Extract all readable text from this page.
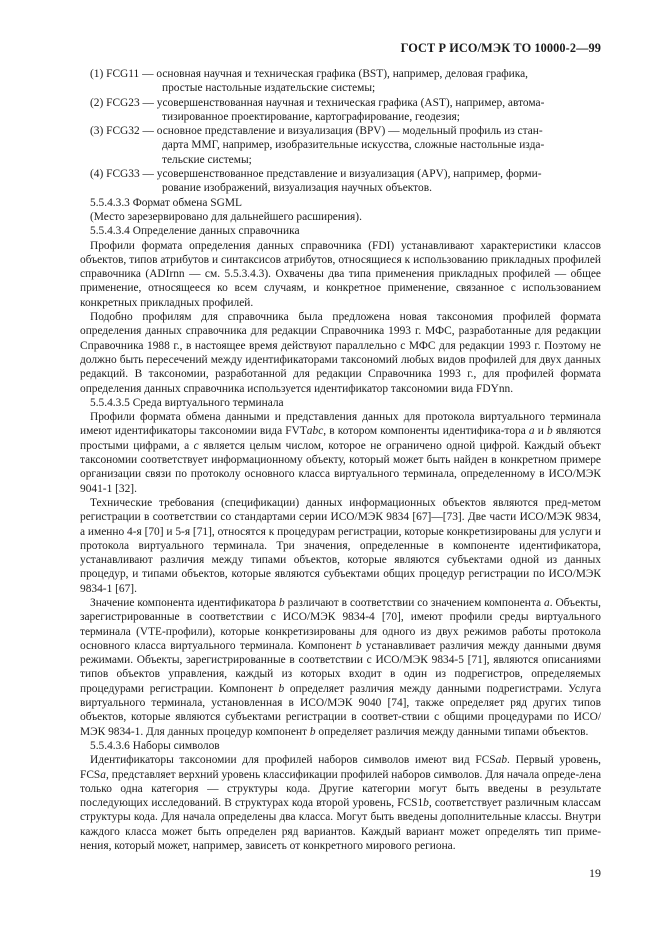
ГОСТ Р ИСО/МЭК ТО 10000-2—99
(1) FCG11 — основная научная и техническая графика (BST), например, деловая графика,
простые настольные издательские системы;
(2) FCG23 — усовершенствованная научная и техническая графика (AST), например, автома-
тизированное проектирование, картографирование, геодезия;
(3) FCG32 — основное представление и визуализация (BPV) — модельный профиль из стан-
дарта ММГ, например, изобразительные искусства, сложные настольные изда-
тельские системы;
(4) FCG33 — усовершенствованное представление и визуализация (APV), например, форми-
рование изображений, визуализация научных объектов.
5.5.4.3.3 Формат обмена SGML
(Место зарезервировано для дальнейшего расширения).
5.5.4.3.4 Определение данных справочника

Профили формата определения данных справочника (FDI) устанавливают характеристики классов объектов, типов атрибутов и синтаксисов атрибутов, относящиеся к использованию прикладных профилей справочника (ADIrnn — см. 5.5.3.4.3). Охвачены два типа применения прикладных профилей — общее применение, относящееся ко всем случаям, и конкретное применение, связанное с использованием конкретных прикладных профилей.

Подобно профилям для справочника была предложена новая таксономия профилей формата определения данных справочника для редакции Справочника 1993 г. МФС, разработанные для редакции Справочника 1988 г., в настоящее время действуют параллельно с МФС для редакции 1993 г. Поэтому не должно быть пересечений между идентификаторами таксономий любых видов профилей для двух данных редакций. В таксономии, разработанной для редакции Справочника 1993 г., для профилей формата определения данных справочника используется идентификатор таксономии вида FDYnn.

5.5.4.3.5 Среда виртуального терминала

Профили формата обмена данными и представления данных для протокола виртуального терминала имеют идентификаторы таксономии вида FVTabc, в котором компоненты идентифика-тора a и b являются простыми цифрами, а c является целым числом, которое не ограничено одной цифрой. Каждый объект таксономии соответствует информационному объекту, который может быть найден в конкретном примере организации связи по протоколу основного класса виртуального терминала, определенному в ИСО/МЭК 9041-1 [32].

Технические требования (спецификации) данных информационных объектов являются пред-метом регистрации в соответствии со стандартами серии ИСО/МЭК 9834 [67]—[73]. Две части ИСО/МЭК 9834, а именно 4-я [70] и 5-я [71], относятся к процедурам регистрации, которые конкретизированы для услуги и протокола виртуального терминала. Три значения, определенные в компоненте идентификатора, устанавливают различия между типами объектов, которые являются субъектами одной из данных процедур, и типами объектов, которые являются субъектами общих процедур регистрации по ИСО/МЭК 9834-1 [67].

Значение компонента идентификатора b различают в соответствии со значением компонента a. Объекты, зарегистрированные в соответствии с ИСО/МЭК 9834-4 [70], имеют профили среды виртуального терминала (VTE-профили), которые конкретизированы для одного из двух режимов работы протокола основного класса виртуального терминала. Компонент b устанавливает различия между данными двумя режимами. Объекты, зарегистрированные в соответствии с ИСО/МЭК 9834-5 [71], являются описаниями типов объектов управления, каждый из которых входит в один из подрегистров, определяемых процедурами регистрации. Компонент b определяет различия между данными подрегистрами. Услуга виртуального терминала, установленная в ИСО/МЭК 9040 [74], также определяет ряд других типов объектов, которые являются субъектами регистрации в соответ-ствии с общими процедурами по ИСО/МЭК 9834-1. Для данных процедур компонент b определяет различия между данными типами объектов.

5.5.4.3.6 Наборы символов

Идентификаторы таксономии для профилей наборов символов имеют вид FCSab. Первый уровень, FCSa, представляет верхний уровень классификации профилей наборов символов. Для начала опреде-лена только одна категория — структуры кода. Другие категории могут быть введены в результате последующих исследований. В структурах кода второй уровень, FCS1b, соответствует различным классам структуры кода. Для начала определены два класса. Могут быть введены дополнительные классы. Внутри каждого класса может быть определен ряд вариантов. Каждый вариант может определять тип приме-нения, который может, например, зависеть от конкретного мирового региона.

19
